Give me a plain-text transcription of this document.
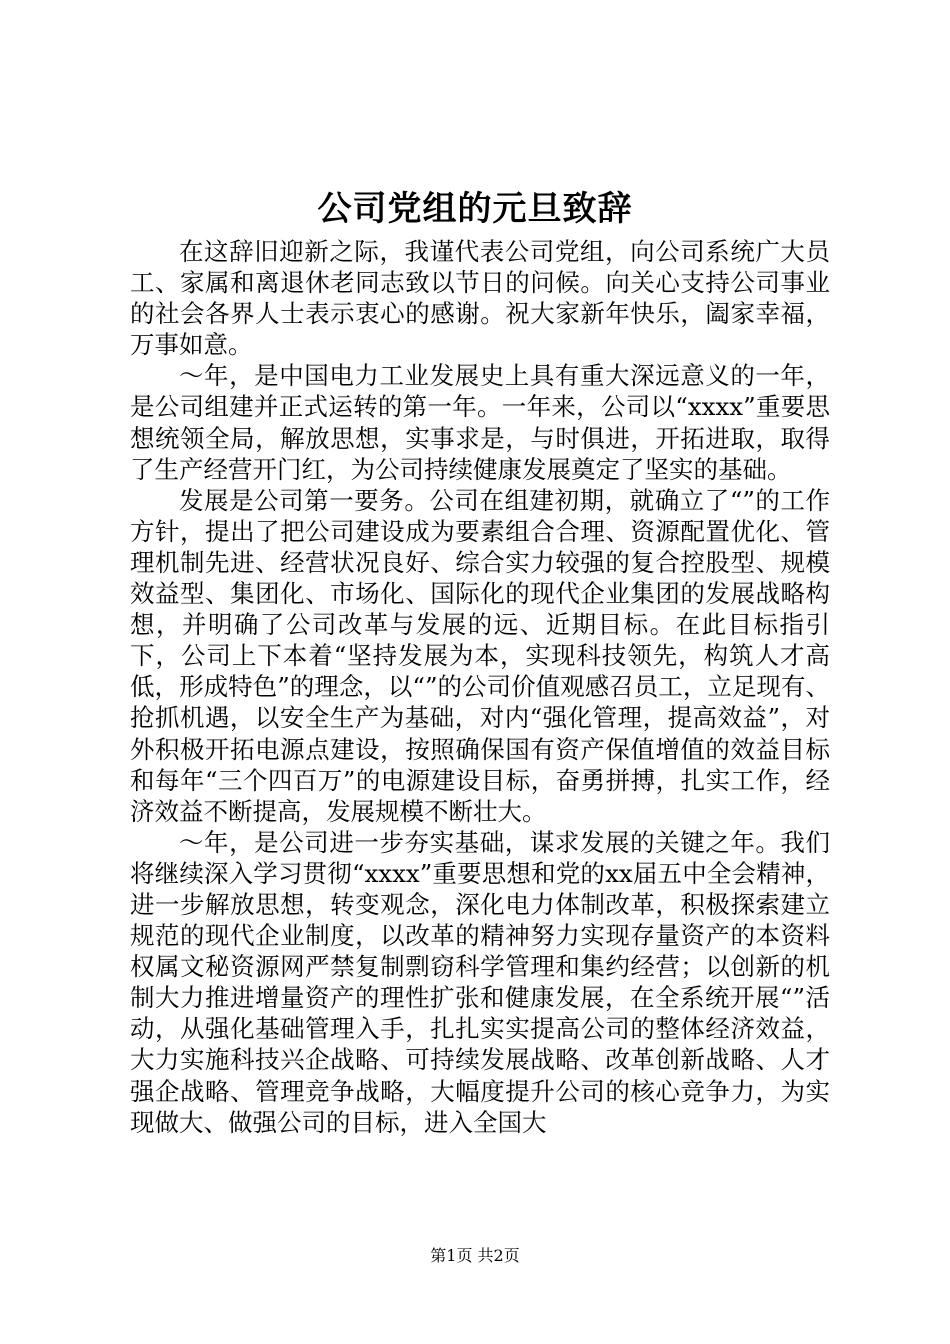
公司党组的元旦致辞

在这辞旧迎新之际，我谨代表公司党组，向公司系统广大员工、家属和离退休老同志致以节日的问候。向关心支持公司事业的社会各界人士表示衷心的感谢。祝大家新年快乐，阖家幸福，万事如意。

～年，是中国电力工业发展史上具有重大深远意义的一年，是公司组建并正式运转的第一年。一年来，公司以“xxxx”重要思想统领全局，解放思想，实事求是，与时俱进，开拓进取，取得了生产经营开门红，为公司持续健康发展奠定了坚实的基础。

发展是公司第一要务。公司在组建初期，就确立了“”的工作方针，提出了把公司建设成为要素组合合理、资源配置优化、管理机制先进、经营状况良好、综合实力较强的复合控股型、规模效益型、集团化、市场化、国际化的现代企业集团的发展战略构想，并明确了公司改革与发展的远、近期目标。在此目标指引下，公司上下本着“坚持发展为本，实现科技领先，构筑人才高低，形成特色”的理念，以“”的公司价值观感召员工，立足现有、抢抓机遇，以安全生产为基础，对内“强化管理，提高效益”，对外积极开拓电源点建设，按照确保国有资产保值增值的效益目标和每年“三个四百万”的电源建设目标，奋勇拼搏，扎实工作，经济效益不断提高，发展规模不断壮大。

～年，是公司进一步夯实基础，谋求发展的关键之年。我们将继续深入学习贯彻“xxxx”重要思想和党的xx届五中全会精神，进一步解放思想，转变观念，深化电力体制改革，积极探索建立规范的现代企业制度，以改革的精神努力实现存量资产的本资料权属文秘资源网严禁复制剽窃科学管理和集约经营；以创新的机制大力推进增量资产的理性扩张和健康发展，在全系统开展“”活动，从强化基础管理入手，扎扎实实提高公司的整体经济效益，大力实施科技兴企战略、可持续发展战略、改革创新战略、人才强企战略、管理竞争战略，大幅度提升公司的核心竞争力，为实现做大、做强公司的目标，进入全国大

第1页 共2页
